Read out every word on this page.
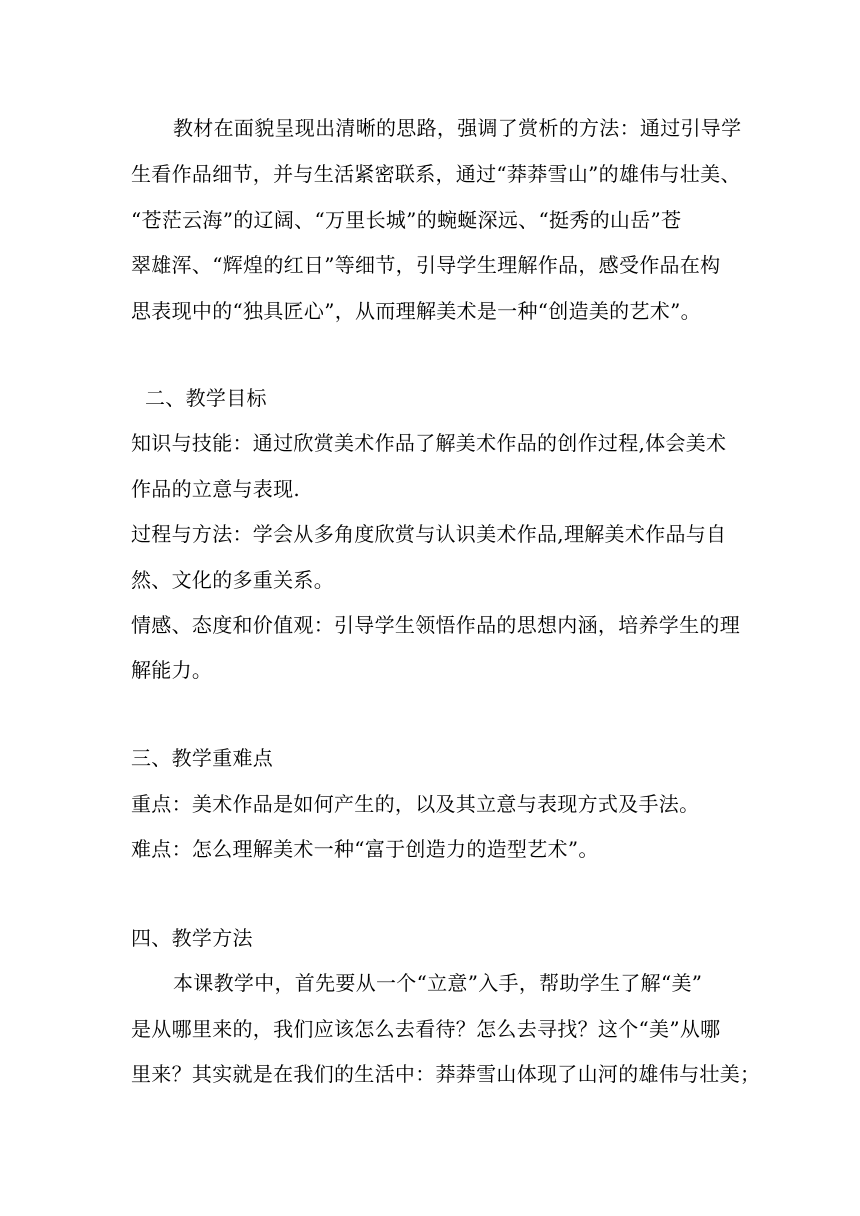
教材在面貌呈现出清晰的思路，强调了赏析的方法：通过引导学
生看作品细节，并与生活紧密联系，通过“莽莽雪山”的雄伟与壮美、
“苍茫云海”的辽阔、“万里长城”的蜿蜒深远、“挺秀的山岳”苍
翠雄浑、“辉煌的红日”等细节，引导学生理解作品，感受作品在构
思表现中的“独具匠心”，从而理解美术是一种“创造美的艺术”。
二、教学目标
知识与技能：通过欣赏美术作品了解美术作品的创作过程,体会美术
作品的立意与表现.
过程与方法：学会从多角度欣赏与认识美术作品,理解美术作品与自
然、文化的多重关系。
情感、态度和价值观：引导学生领悟作品的思想内涵，培养学生的理
解能力。
三、教学重难点
重点：美术作品是如何产生的，以及其立意与表现方式及手法。
难点：怎么理解美术一种“富于创造力的造型艺术”。
四、教学方法
本课教学中，首先要从一个“立意”入手，帮助学生了解“美”
是从哪里来的，我们应该怎么去看待？怎么去寻找？这个“美”从哪
里来？其实就是在我们的生活中：莽莽雪山体现了山河的雄伟与壮美；
